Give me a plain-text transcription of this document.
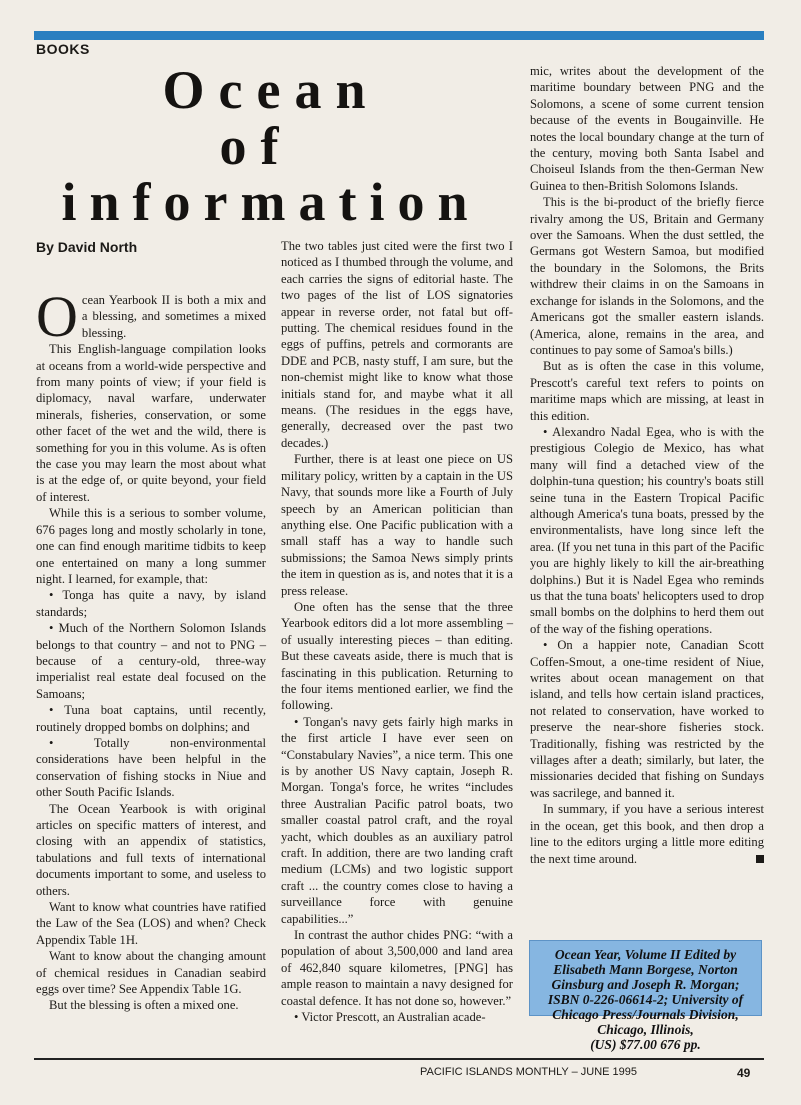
BOOKS
Ocean
of
information
By David North

Ocean Yearbook II is both a mix and a blessing, and sometimes a mixed blessing.

This English-language compilation looks at oceans from a world-wide perspective and from many points of view; if your field is diplomacy, naval warfare, underwater minerals, fisheries, conservation, or some other facet of the wet and the wild, there is something for you in this volume. As is often the case you may learn the most about what is at the edge of, or quite beyond, your field of interest.

While this is a serious to somber volume, 676 pages long and mostly scholarly in tone, one can find enough maritime tidbits to keep one entertained on many a long summer night. I learned, for example, that:

• Tonga has quite a navy, by island standards;

• Much of the Northern Solomon Islands belongs to that country – and not to PNG – because of a century-old, three-way imperialist real estate deal focused on the Samoans;

• Tuna boat captains, until recently, routinely dropped bombs on dolphins; and

• Totally non-environmental considerations have been helpful in the conservation of fishing stocks in Niue and other South Pacific Islands.

The Ocean Yearbook is with original articles on specific matters of interest, and closing with an appendix of statistics, tabulations and full texts of international documents important to some, and useless to others.

Want to know what countries have ratified the Law of the Sea (LOS) and when? Check Appendix Table 1H.

Want to know about the changing amount of chemical residues in Canadian seabird eggs over time? See Appendix Table 1G.

But the blessing is often a mixed one.

The two tables just cited were the first two I noticed as I thumbed through the volume, and each carries the signs of editorial haste. The two pages of the list of LOS signatories appear in reverse order, not fatal but off-putting. The chemical residues found in the eggs of puffins, petrels and cormorants are DDE and PCB, nasty stuff, I am sure, but the non-chemist might like to know what those initials stand for, and maybe what it all means. (The residues in the eggs have, generally, decreased over the past two decades.)

Further, there is at least one piece on US military policy, written by a captain in the US Navy, that sounds more like a Fourth of July speech by an American politician than anything else. One Pacific publication with a small staff has a way to handle such submissions; the Samoa News simply prints the item in question as is, and notes that it is a press release.

One often has the sense that the three Yearbook editors did a lot more assembling – of usually interesting pieces – than editing. But these caveats aside, there is much that is fascinating in this publication. Returning to the four items mentioned earlier, we find the following.

• Tongan's navy gets fairly high marks in the first article I have ever seen on “Constabulary Navies”, a nice term. This one is by another US Navy captain, Joseph R. Morgan. Tonga's force, he writes “includes three Australian Pacific patrol boats, two smaller coastal patrol craft, and the royal yacht, which doubles as an auxiliary patrol craft. In addition, there are two landing craft medium (LCMs) and two logistic support craft ... the country comes close to having a surveillance force with genuine capabilities...”

In contrast the author chides PNG: “with a population of about 3,500,000 and land area of 462,840 square kilometres, [PNG] has ample reason to maintain a navy designed for coastal defence. It has not done so, however.”

• Victor Prescott, an Australian acade-

mic, writes about the development of the maritime boundary between PNG and the Solomons, a scene of some current tension because of the events in Bougainville. He notes the local boundary change at the turn of the century, moving both Santa Isabel and Choiseul Islands from the then-German New Guinea to then-British Solomons Islands.

This is the bi-product of the briefly fierce rivalry among the US, Britain and Germany over the Samoans. When the dust settled, the Germans got Western Samoa, but modified the boundary in the Solomons, the Brits withdrew their claims in on the Samoans in exchange for islands in the Solomons, and the Americans got the smaller eastern islands. (America, alone, remains in the area, and continues to pay some of Samoa's bills.)

But as is often the case in this volume, Prescott's careful text refers to points on maritime maps which are missing, at least in this edition.

• Alexandro Nadal Egea, who is with the prestigious Colegio de Mexico, has what many will find a detached view of the dolphin-tuna question; his country's boats still seine tuna in the Eastern Tropical Pacific although America's tuna boats, pressed by the environmentalists, have long since left the area. (If you net tuna in this part of the Pacific you are highly likely to kill the air-breathing dolphins.) But it is Nadel Egea who reminds us that the tuna boats' helicopters used to drop small bombs on the dolphins to herd them out of the way of the fishing operations.

• On a happier note, Canadian Scott Coffen-Smout, a one-time resident of Niue, writes about ocean management on that island, and tells how certain island practices, not related to conservation, have worked to preserve the near-shore fisheries stock. Traditionally, fishing was restricted by the villages after a death; similarly, but later, the missionaries decided that fishing on Sundays was sacrilege, and banned it.

In summary, if you have a serious interest in the ocean, get this book, and then drop a line to the editors urging a little more editing the next time around.

Ocean Year, Volume II Edited by
Elisabeth Mann Borgese, Norton
Ginsburg and Joseph R. Morgan;
ISBN 0-226-06614-2; University of
Chicago Press/Journals Division,
Chicago, Illinois,
(US) $77.00 676 pp.
PACIFIC ISLANDS MONTHLY – JUNE 1995	49
